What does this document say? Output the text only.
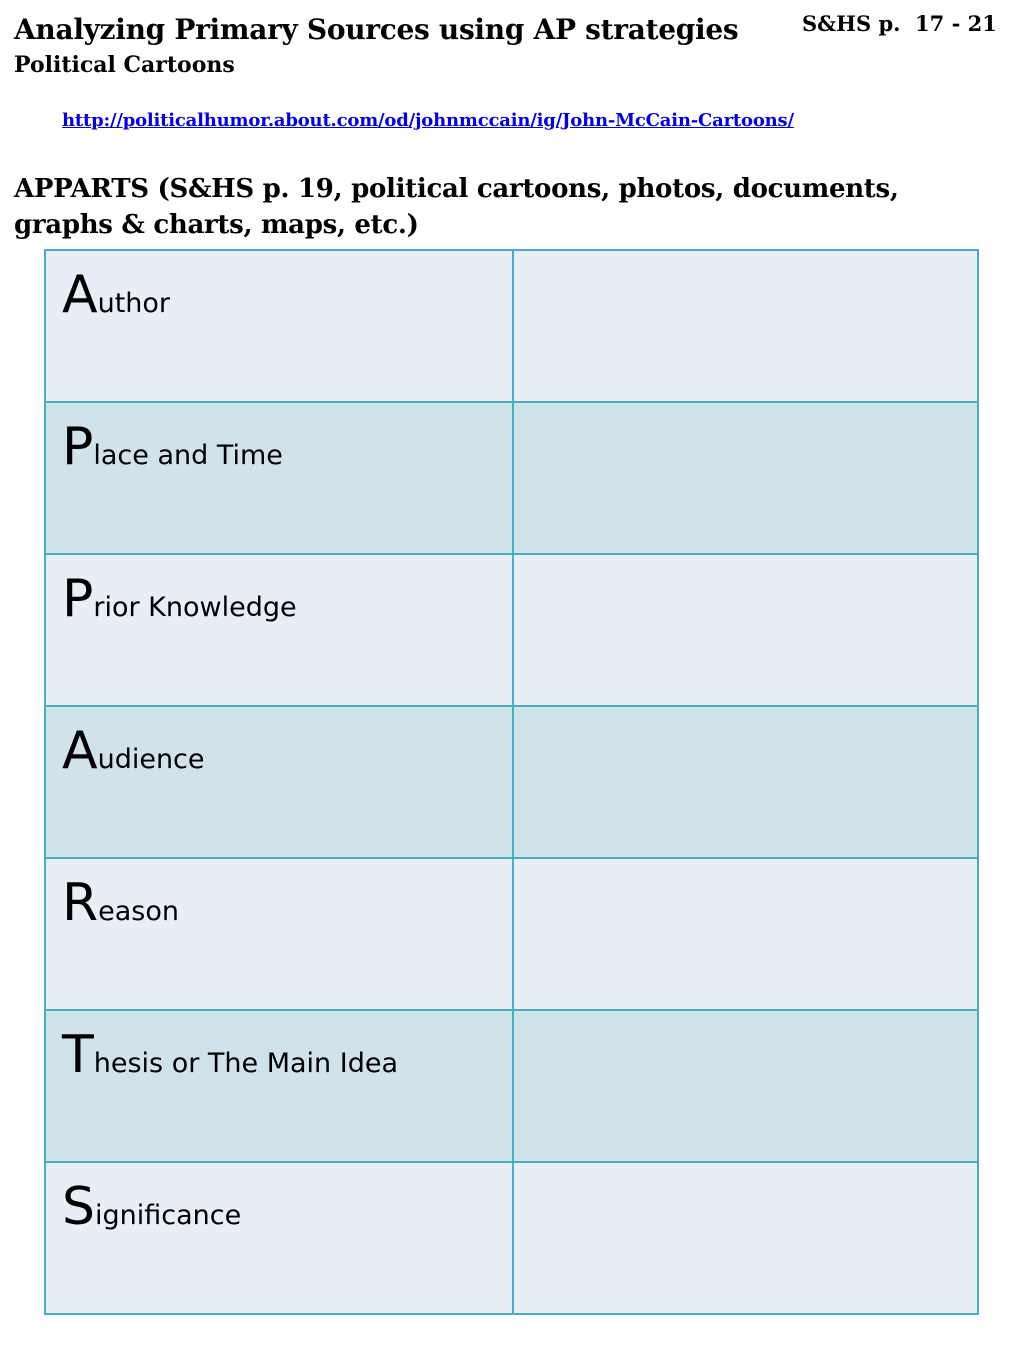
Analyzing Primary Sources using AP strategies
Political Cartoons
S&HS p.  17 - 21
http://politicalhumor.about.com/od/johnmccain/ig/John-McCain-Cartoons/
APPARTS (S&HS p. 19, political cartoons, photos, documents, graphs & charts, maps, etc.)
Author	

Place and Time	

Prior Knowledge	

Audience	

Reason	

Thesis or The Main Idea	

Significance	
